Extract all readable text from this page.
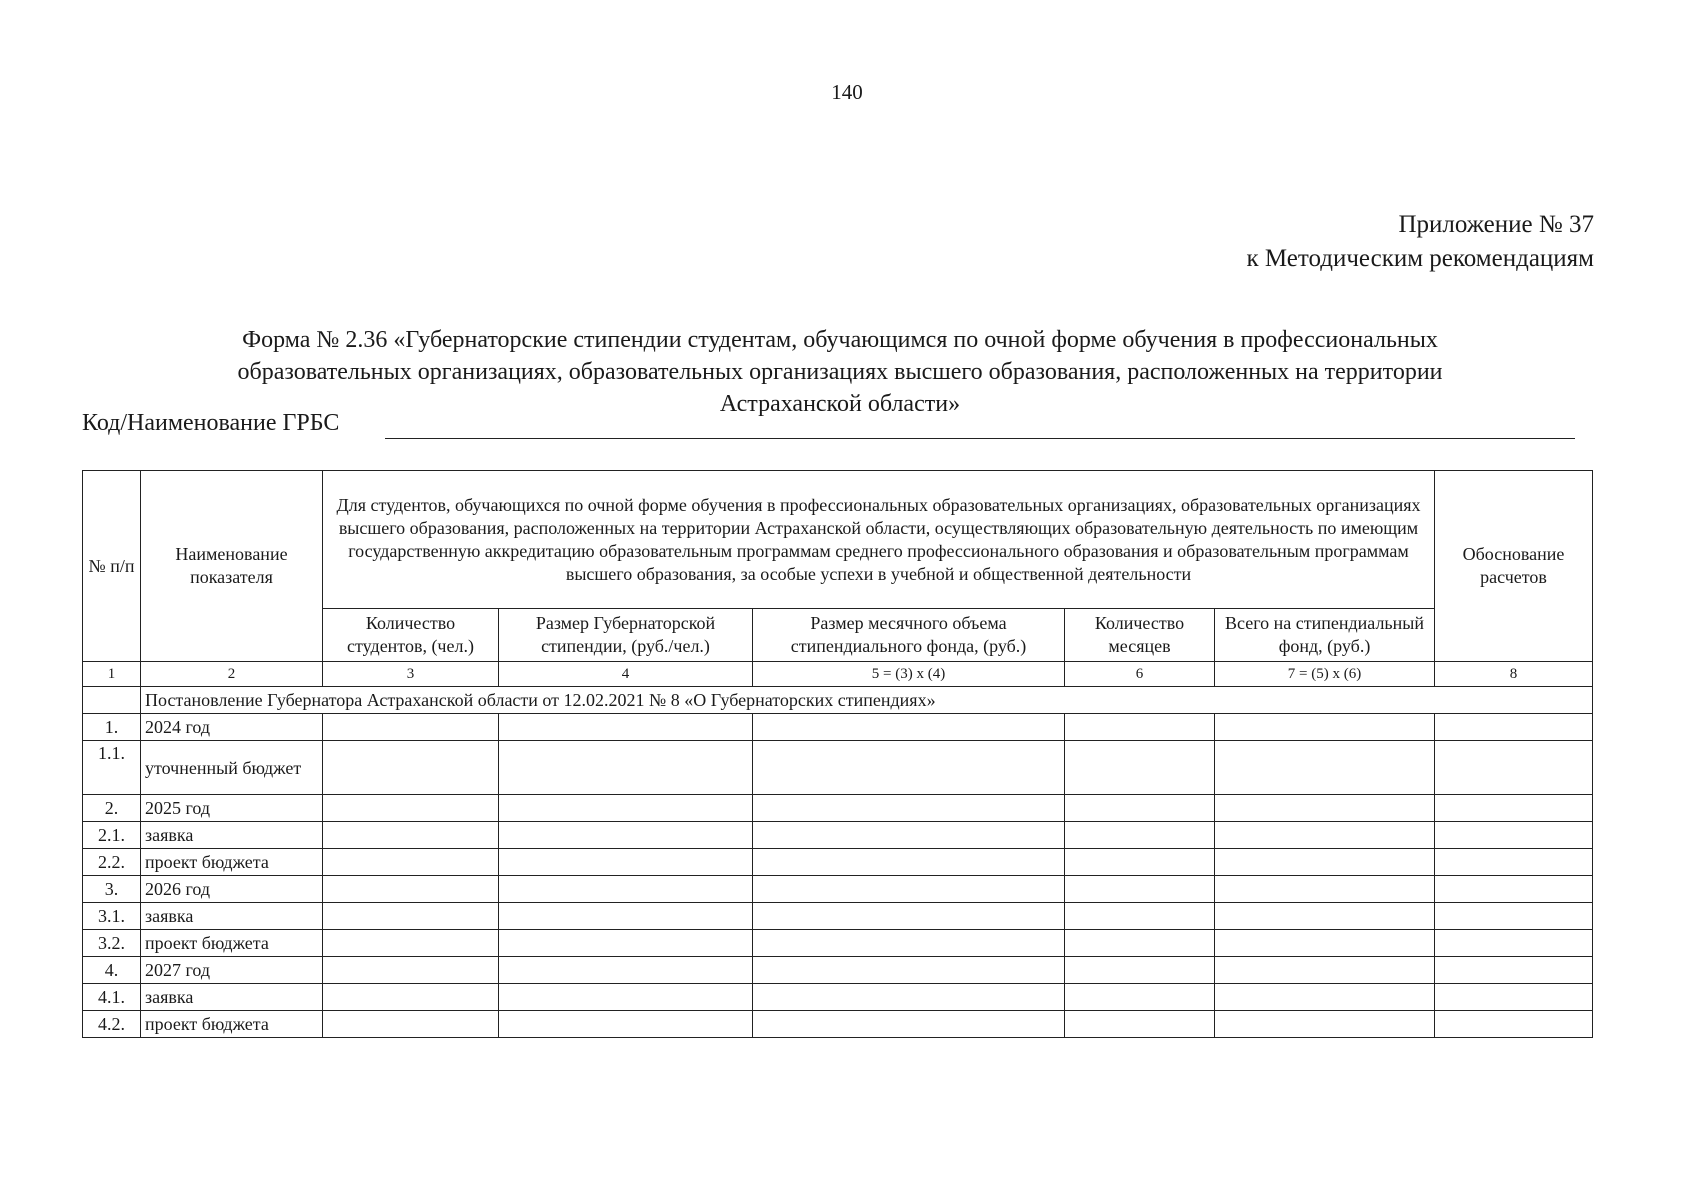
140
Приложение № 37
к Методическим рекомендациям
Форма № 2.36 «Губернаторские стипендии студентам, обучающимся по очной форме обучения в профессиональных
образовательных организациях, образовательных организациях высшего образования, расположенных на территории
Астраханской области»
Код/Наименование ГРБС
№ п/п	Наименование показателя	Для студентов, обучающихся по очной форме обучения в профессиональных образовательных организациях, образовательных организациях высшего образования, расположенных на территории Астраханской области, осуществляющих образовательную деятельность по имеющим государственную аккредитацию образовательным программам среднего профессионального образования и образовательным программам высшего образования, за особые успехи в учебной и общественной деятельности					Обоснование расчетов
		Количество студентов, (чел.)	Размер Губернаторской стипендии, (руб./чел.)	Размер месячного объема стипендиального фонда, (руб.)	Количество месяцев	Всего на стипендиальный фонд, (руб.)	
1	2	3	4	5 = (3) x (4)	6	7 = (5) x (6)	8
	Постановление Губернатора Астраханской области от 12.02.2021 № 8 «О Губернаторских стипендиях»						
1.	2024 год						
1.1.	уточненный бюджет						
2.	2025 год						
2.1.	заявка						
2.2.	проект бюджета						
3.	2026 год						
3.1.	заявка						
3.2.	проект бюджета						
4.	2027 год						
4.1.	заявка						
4.2.	проект бюджета						
